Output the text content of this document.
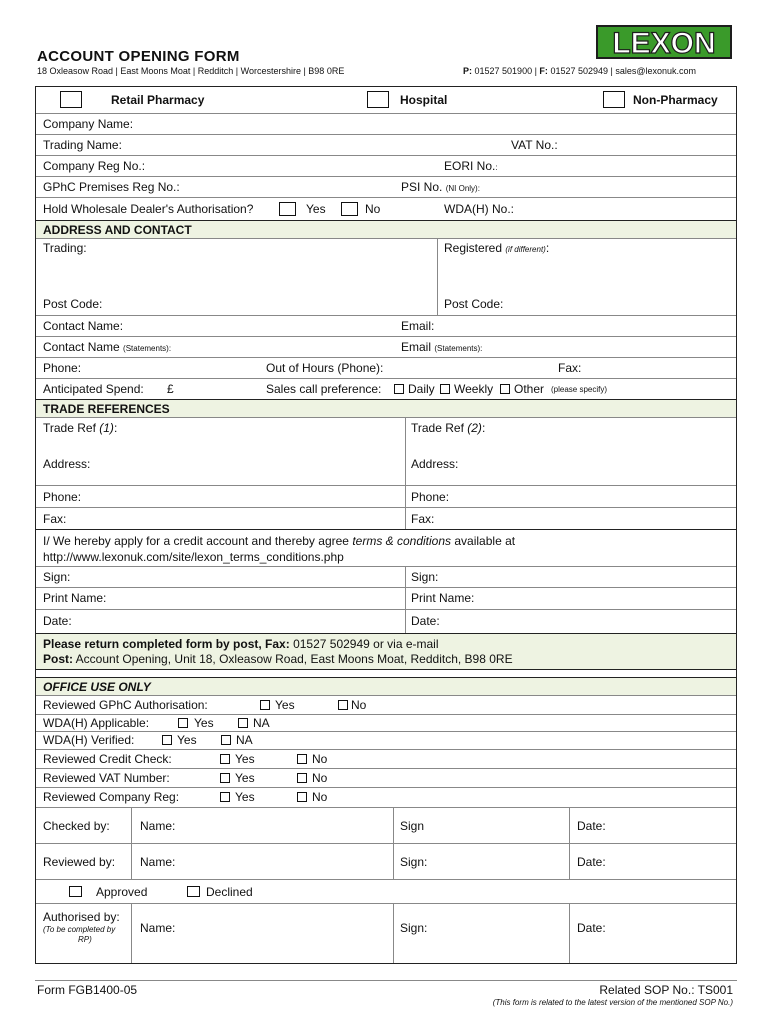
ACCOUNT OPENING FORM
18 Oxleasow Road | East Moons Moat | Redditch | Worcestershire | B98 0RE	P: 01527 501900 | F: 01527 502949 | sales@lexonuk.com
LEXON
Retail Pharmacy	Hospital	Non-Pharmacy
Company Name:
Trading Name:	VAT No.:
Company Reg No.:	EORI No.:
GPhC Premises Reg No.:	PSI No. (NI Only):
Hold Wholesale Dealer's Authorisation?	Yes	No	WDA(H) No.:
ADDRESS AND CONTACT
Trading:	Registered (if different):
Post Code:	Post Code:
Contact Name:	Email:
Contact Name (Statements):	Email (Statements):
Phone:	Out of Hours (Phone):	Fax:
Anticipated Spend: £	Sales call preference: Daily Weekly Other (please specify)
TRADE REFERENCES
Trade Ref (1):	Trade Ref (2):
Address:	Address:
Phone:	Phone:
Fax:	Fax:
I/ We hereby apply for a credit account and thereby agree terms & conditions available at
http://www.lexonuk.com/site/lexon_terms_conditions.php
Sign:	Sign:
Print Name:	Print Name:
Date:	Date:
Please return completed form by post, Fax: 01527 502949 or via e-mail
Post: Account Opening, Unit 18, Oxleasow Road, East Moons Moat, Redditch, B98 0RE
OFFICE USE ONLY
Reviewed GPhC Authorisation:	Yes	No
WDA(H) Applicable:	Yes	NA
WDA(H) Verified:	Yes	NA
Reviewed Credit Check:	Yes	No
Reviewed VAT Number:	Yes	No
Reviewed Company Reg:	Yes	No
Checked by:	Name:	Sign	Date:
Reviewed by: Name:	Sign:	Date:
Approved	Declined
Authorised by:
(To be completed by
RP)
Name:	Sign:	Date:
Form FGB1400-05	Related SOP No.: TS001
(This form is related to the latest version of the mentioned SOP No.)
